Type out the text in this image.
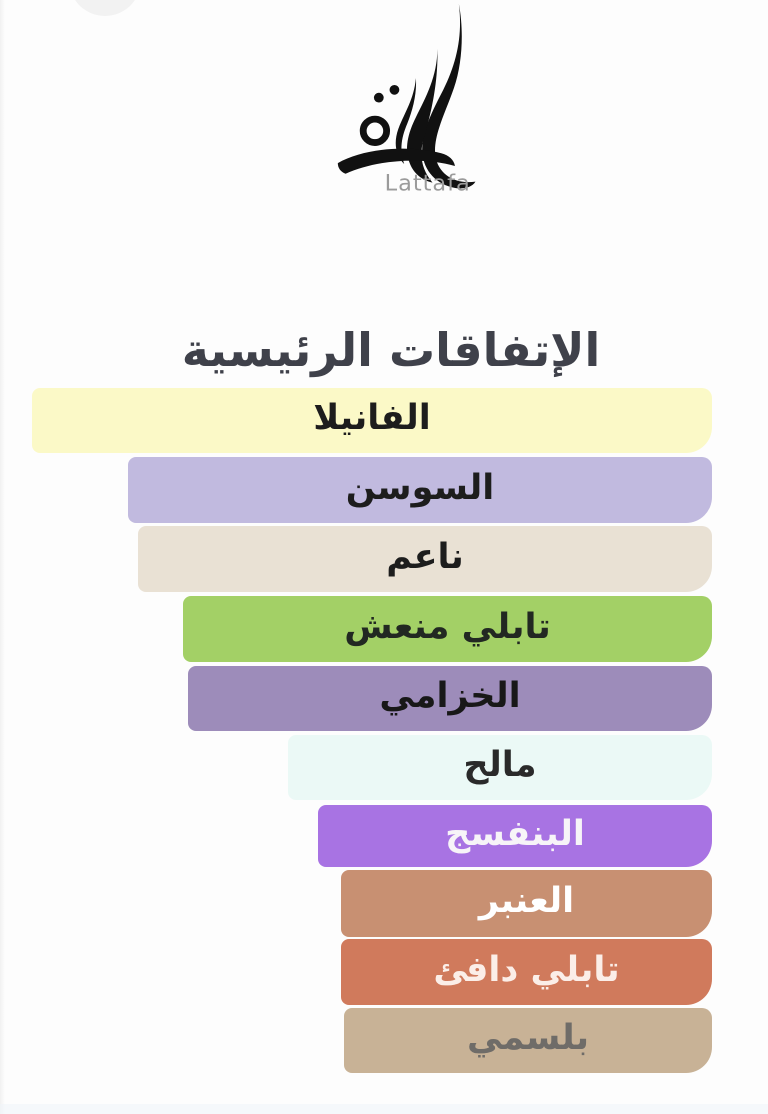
Lattafa
الإتفاقات الرئيسية
الفانيلا
السوسن
ناعم
تابلي منعش
الخزامي
مالح
البنفسج
العنبر
تابلي دافئ
بلسمي
